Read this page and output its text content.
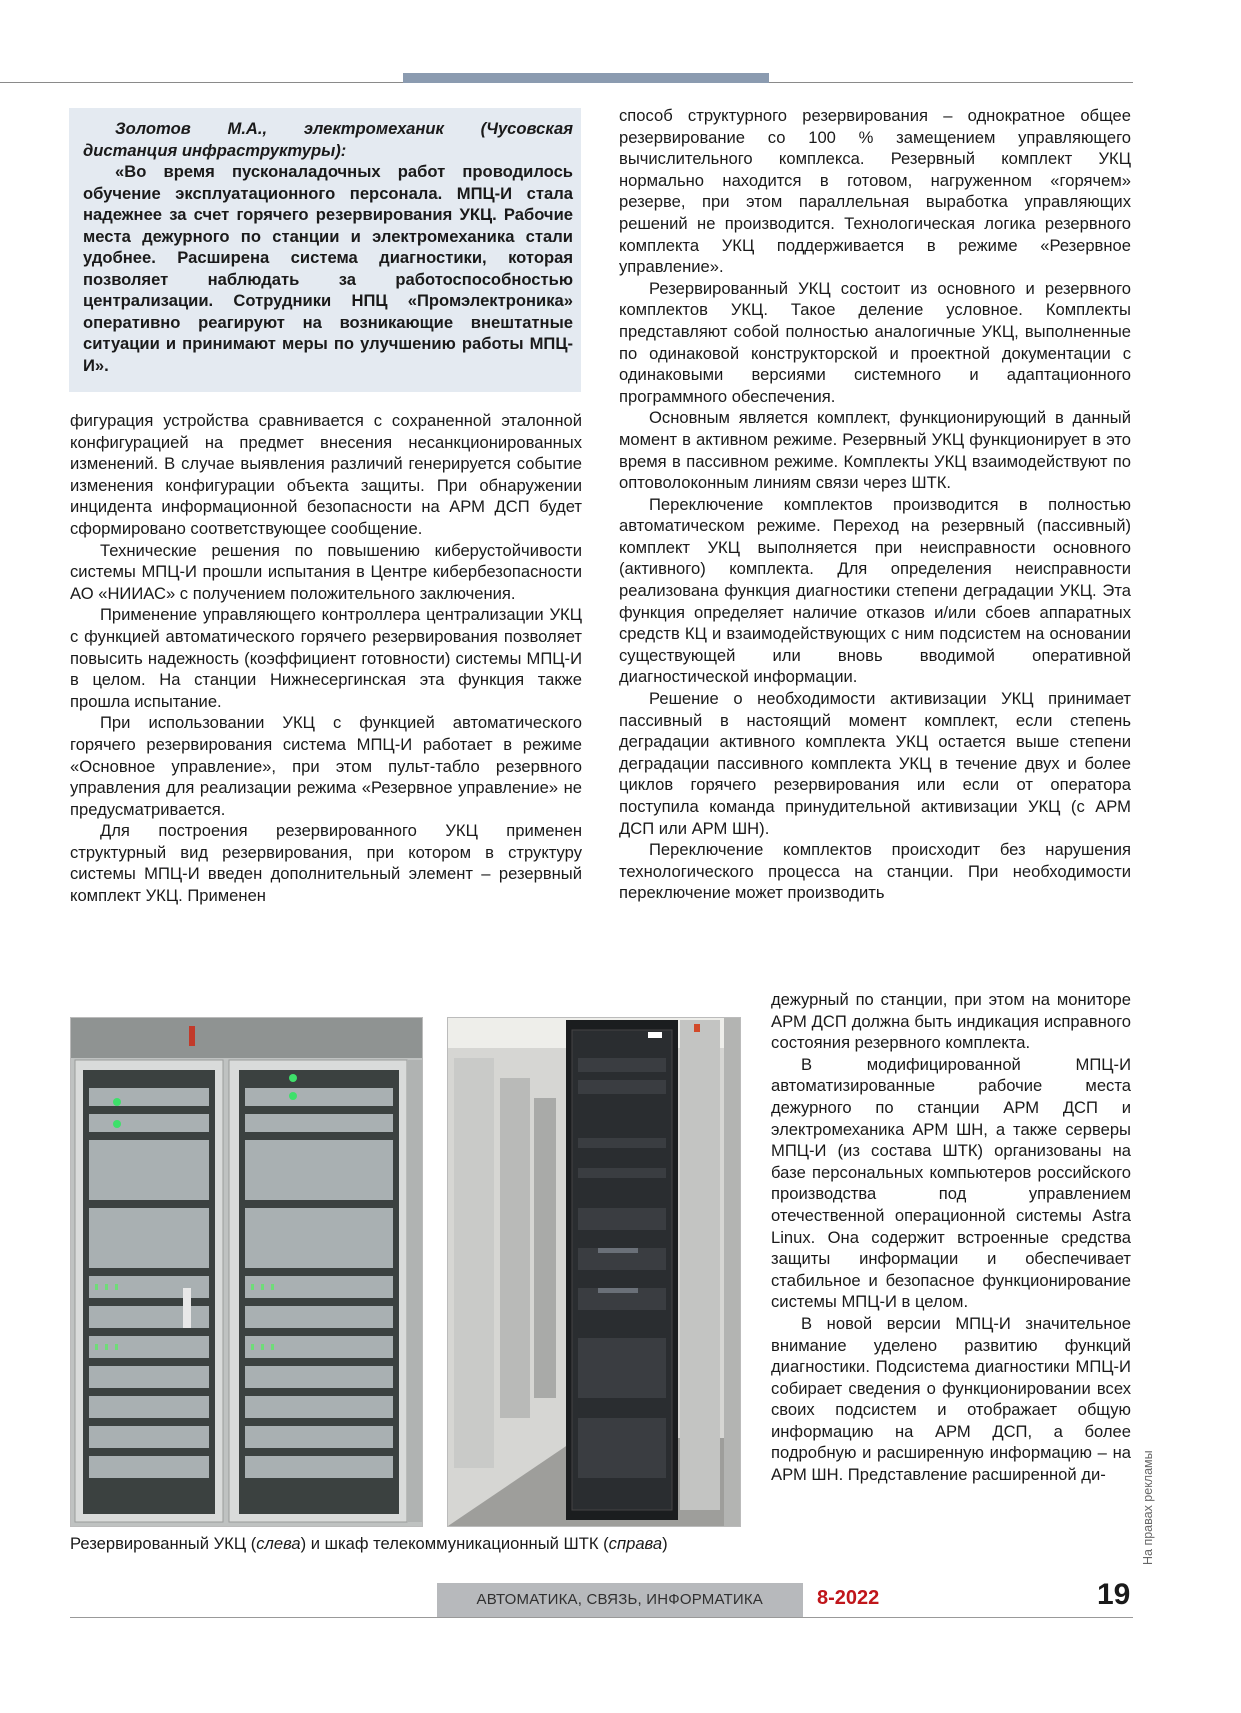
Золотов М.А., электромеханик (Чусовская дистанция инфраструктуры):

«Во время пусконаладочных работ проводилось обучение эксплуатационного персонала. МПЦ-И стала надежнее за счет горячего резервирования УКЦ. Рабочие места дежурного по станции и электромеханика стали удобнее. Расширена система диагностики, которая позволяет наблюдать за работоспособностью централизации. Сотрудники НПЦ «Промэлектроника» оперативно реагируют на возникающие внештатные ситуации и принимают меры по улучшению работы МПЦ-И».

фигурация устройства сравнивается с сохраненной эталонной конфигурацией на предмет внесения несанкционированных изменений. В случае выявления различий генерируется событие изменения конфигурации объекта защиты. При обнаружении инцидента информационной безопасности на АРМ ДСП будет сформировано соответствующее сообщение.

Технические решения по повышению киберустойчивости системы МПЦ-И прошли испытания в Центре кибербезопасности АО «НИИАС» с получением положительного заключения.

Применение управляющего контроллера централизации УКЦ с функцией автоматического горячего резервирования позволяет повысить надежность (коэффициент готовности) системы МПЦ-И в целом. На станции Нижнесергинская эта функция также прошла испытание.

При использовании УКЦ с функцией автоматического горячего резервирования система МПЦ-И работает в режиме «Основное управление», при этом пульт-табло резервного управления для реализации режима «Резервное управление» не предусматривается.

Для построения резервированного УКЦ применен структурный вид резервирования, при котором в структуру системы МПЦ-И введен дополнительный элемент – резервный комплект УКЦ. Применен

способ структурного резервирования – однократное общее резервирование со 100 % замещением управляющего вычислительного комплекса. Резервный комплект УКЦ нормально находится в готовом, нагруженном «горячем» резерве, при этом параллельная выработка управляющих решений не производится. Технологическая логика резервного комплекта УКЦ поддерживается в режиме «Резервное управление».

Резервированный УКЦ состоит из основного и резервного комплектов УКЦ. Такое деление условное. Комплекты представляют собой полностью аналогичные УКЦ, выполненные по одинаковой конструкторской и проектной документации с одинаковыми версиями системного и адаптационного программного обеспечения.

Основным является комплект, функционирующий в данный момент в активном режиме. Резервный УКЦ функционирует в это время в пассивном режиме. Комплекты УКЦ взаимодействуют по оптоволоконным линиям связи через ШТК.

Переключение комплектов производится в полностью автоматическом режиме. Переход на резервный (пассивный) комплект УКЦ выполняется при неисправности основного (активного) комплекта. Для определения неисправности реализована функция диагностики степени деградации УКЦ. Эта функция определяет наличие отказов и/или сбоев аппаратных средств КЦ и взаимодействующих с ним подсистем на основании существующей или вновь вводимой оперативной диагностической информации.

Решение о необходимости активизации УКЦ принимает пассивный в настоящий момент комплект, если степень деградации активного комплекта УКЦ остается выше степени деградации пассивного комплекта УКЦ в течение двух и более циклов горячего резервирования или если от оператора поступила команда принудительной активизации УКЦ (с АРМ ДСП или АРМ ШН).

Переключение комплектов происходит без нарушения технологического процесса на станции. При необходимости переключение может производить

дежурный по станции, при этом на мониторе АРМ ДСП должна быть индикация исправного состояния резервного комплекта.

В модифицированной МПЦ-И автоматизированные рабочие места дежурного по станции АРМ ДСП и электромеханика АРМ ШН, а также серверы МПЦ-И (из состава ШТК) организованы на базе персональных компьютеров российского производства под управлением отечественной операционной системы Astra Linux. Она содержит встроенные средства защиты информации и обеспечивает стабильное и безопасное функционирование системы МПЦ-И в целом.

В новой версии МПЦ-И значительное внимание уделено развитию функций диагностики. Подсистема диагностики МПЦ-И собирает сведения о функционировании всех своих подсистем и отображает общую информацию на АРМ ДСП, а более подробную и расширенную информацию – на АРМ ШН. Представление расширенной ди-

Резервированный УКЦ (слева) и шкаф телекоммуникационный ШТК (справа)	На правах рекламы
АВТОМАТИКА, СВЯЗЬ, ИНФОРМАТИКА	8-2022	19
